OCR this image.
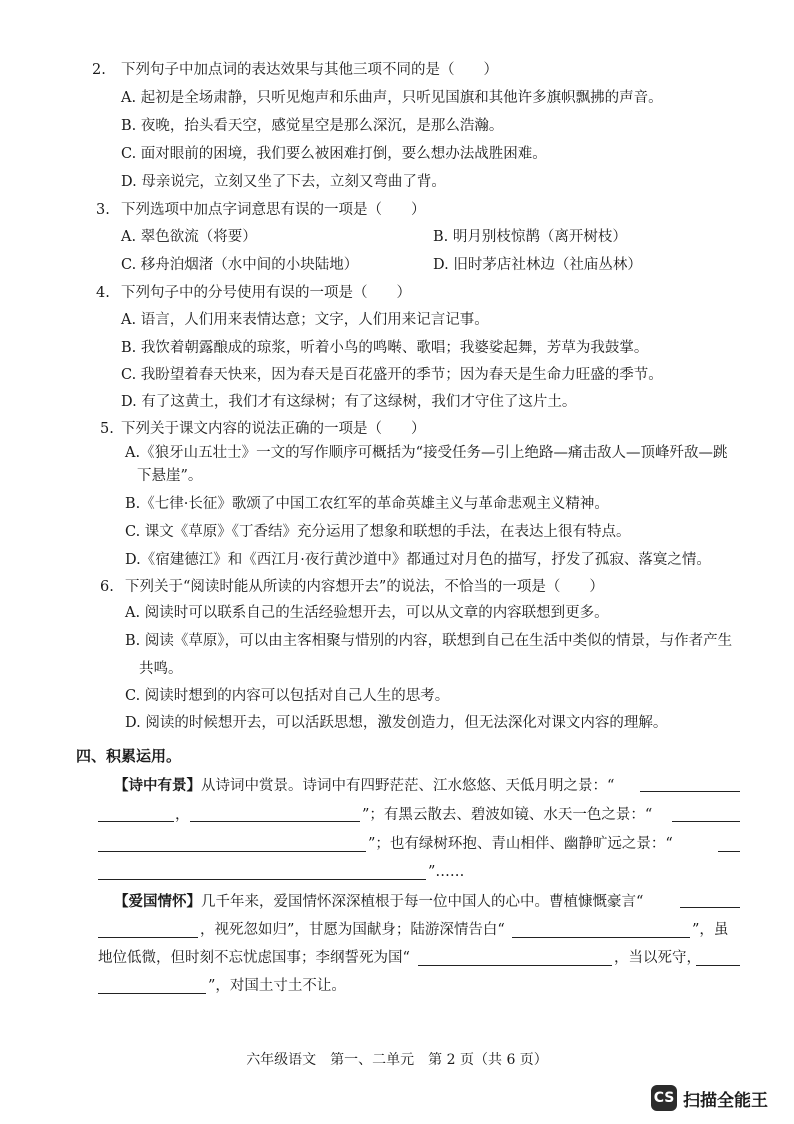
2. 下列句子中加点词的表达效果与其他三项不同的是（　　）
A. 起初是全场肃静，只听见炮声和乐曲声，只听见国旗和其他许多旗帜飘拂的声音。
B. 夜晚，抬头看天空，感觉星空是那么深沉，是那么浩瀚。
C. 面对眼前的困境，我们要么被困难打倒，要么想办法战胜困难。
D. 母亲说完，立刻又坐了下去，立刻又弯曲了背。
3. 下列选项中加点字词意思有误的一项是（　　）
A. 翠色欲流（将要）	B. 明月别枝惊鹊（离开树枝）
C. 移舟泊烟渚（水中间的小块陆地）	D. 旧时茅店社林边（社庙丛林）
4. 下列句子中的分号使用有误的一项是（　　）
A. 语言，人们用来表情达意；文字，人们用来记言记事。
B. 我饮着朝露酿成的琼浆，听着小鸟的鸣啭、歌唱；我婆娑起舞，芳草为我鼓掌。
C. 我盼望着春天快来，因为春天是百花盛开的季节；因为春天是生命力旺盛的季节。
D. 有了这黄土，我们才有这绿树；有了这绿树，我们才守住了这片土。
5. 下列关于课文内容的说法正确的一项是（　　）
A.《狼牙山五壮士》一文的写作顺序可概括为“接受任务—引上绝路—痛击敌人—顶峰歼敌—跳
下悬崖”。
B.《七律·长征》歌颂了中国工农红军的革命英雄主义与革命悲观主义精神。
C. 课文《草原》《丁香结》充分运用了想象和联想的手法，在表达上很有特点。
D.《宿建德江》和《西江月·夜行黄沙道中》都通过对月色的描写，抒发了孤寂、落寞之情。
6. 下列关于“阅读时能从所读的内容想开去”的说法，不恰当的一项是（　　）
A. 阅读时可以联系自己的生活经验想开去，可以从文章的内容联想到更多。
B. 阅读《草原》，可以由主客相聚与惜别的内容，联想到自己在生活中类似的情景，与作者产生
共鸣。
C. 阅读时想到的内容可以包括对自己人生的思考。
D. 阅读的时候想开去，可以活跃思想，激发创造力，但无法深化对课文内容的理解。
四、积累运用。
【诗中有景】从诗词中赏景。诗词中有四野茫茫、江水悠悠、天低月明之景：“
，	”；有黑云散去、碧波如镜、水天一色之景：“
”；也有绿树环抱、青山相伴、幽静旷远之景：“
”……
【爱国情怀】几千年来，爱国情怀深深植根于每一位中国人的心中。曹植慷慨豪言“
，视死忽如归”，甘愿为国献身；陆游深情告白“	”，虽
地位低微，但时刻不忘忧虑国事；李纲誓死为国“	，当以死守，
”，对国土寸土不让。
六年级语文　第一、二单元　第 2 页（共 6 页）
CS 扫描全能王
